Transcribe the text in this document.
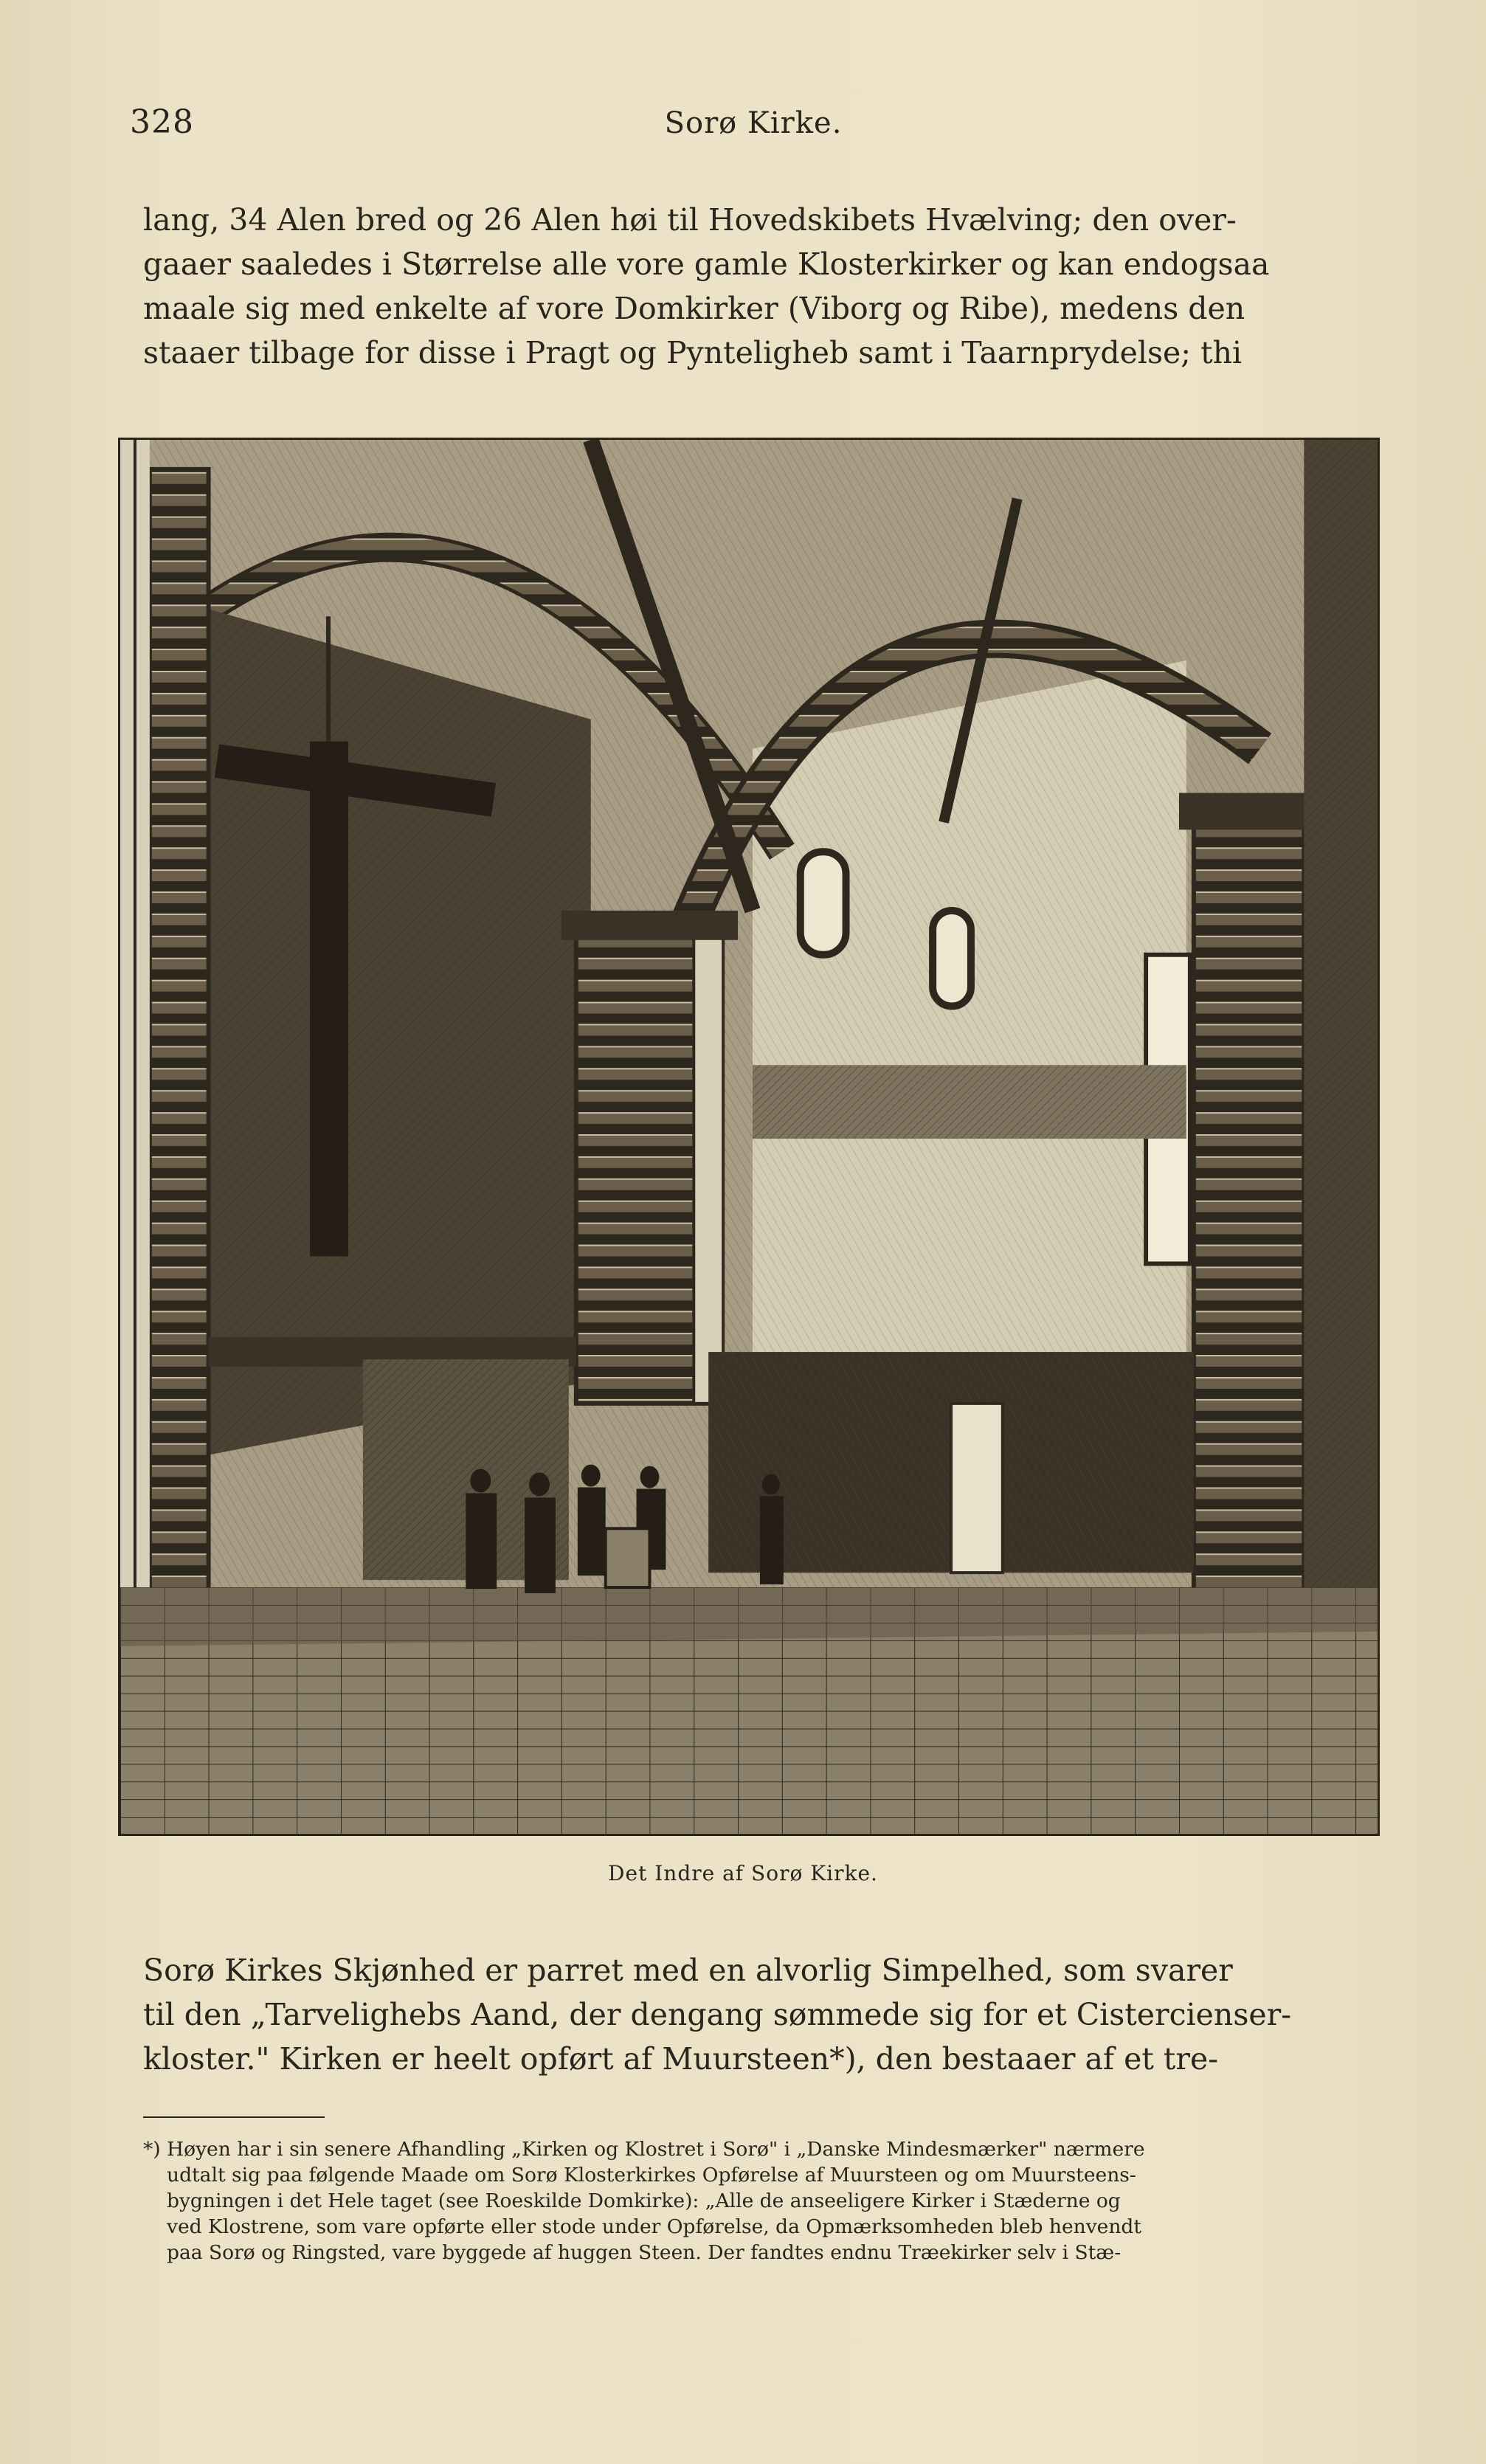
328	Sorø Kirke.
lang, 34 Alen bred og 26 Alen høi til Hovedskibets Hvælving; den over-
gaaer saaledes i Størrelse alle vore gamle Klosterkirker og kan endogsaa
maale sig med enkelte af vore Domkirker (Viborg og Ribe), medens den
staaer tilbage for disse i Pragt og Pynteligheb samt i Taarnprydelse; thi
Det Indre af Sorø Kirke.
Sorø Kirkes Skjønhed er parret med en alvorlig Simpelhed, som svarer
til den „Tarvelighebs Aand, der dengang sømmede sig for et Cistercienser-
kloster." Kirken er heelt opført af Muursteen*), den bestaaer af et tre-
*) Høyen har i sin senere Afhandling „Kirken og Klostret i Sorø" i „Danske Mindesmærker" nærmere
udtalt sig paa følgende Maade om Sorø Klosterkirkes Opførelse af Muursteen og om Muursteens-
bygningen i det Hele taget (see Roeskilde Domkirke): „Alle de anseeligere Kirker i Stæderne og
ved Klostrene, som vare opførte eller stode under Opførelse, da Opmærksomheden bleb henvendt
paa Sorø og Ringsted, vare byggede af huggen Steen. Der fandtes endnu Træekirker selv i Stæ-
